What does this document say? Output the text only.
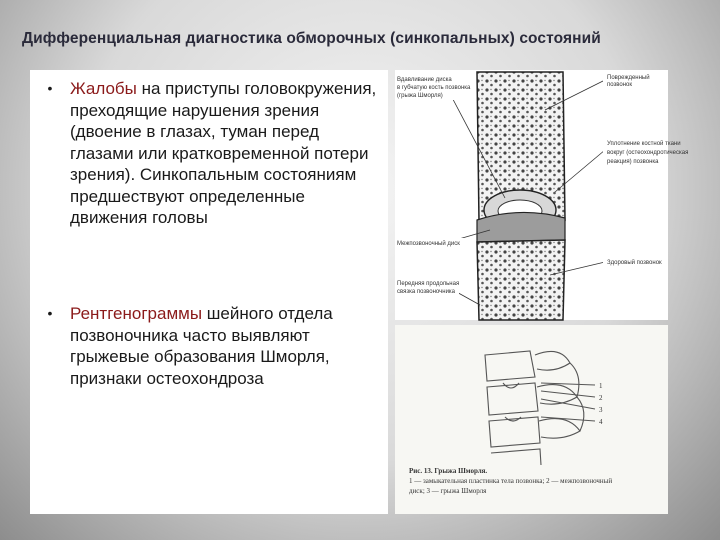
Дифференциальная диагностика обморочных (синкопальных) состояний
•	Жалобы на приступы головокружения, преходящие нарушения зрения (двоение в глазах, туман перед глазами или кратковременной потери зрения). Синкопальным состояниям предшествуют определенные движения головы
•	Рентгенограммы шейного отдела позвоночника часто выявляют грыжевые образования Шморля, признаки остеохондроза
Вдавливание диска
в губчатую кость позвонка
(грыжа Шморля)
Поврежденный
позвонок
Уплотнение костной ткани
вокруг (остеохондротическая
реакция) позвонка
Межпозвоночный диск
Здоровый позвонок
Передняя продольная
связка позвоночника
1
2
3
4
Рис. 13. Грыжа Шморля.
1 — замыкательная пластинка тела позвонка; 2 — межпозвоночный
диск; 3 — грыжа Шморля
